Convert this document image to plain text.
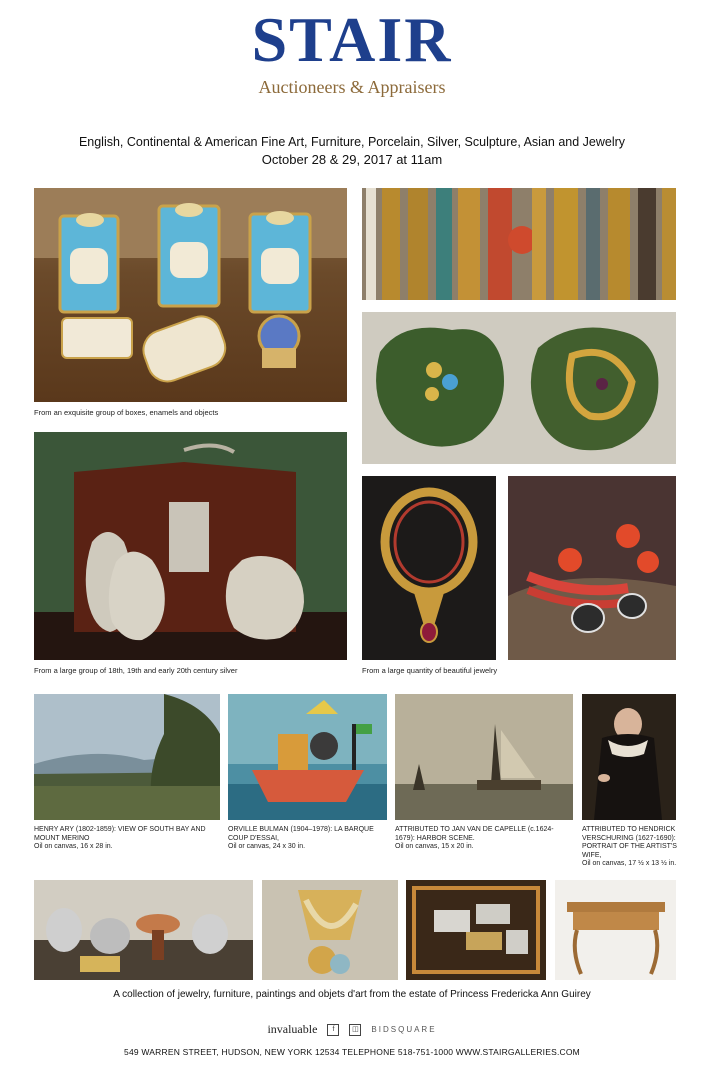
STAIR
Auctioneers & Appraisers
English, Continental & American Fine Art, Furniture, Porcelain, Silver, Sculpture, Asian and Jewelry
October 28 & 29, 2017 at 11am
From an exquisite group of boxes, enamels and objects
From a large group of 18th, 19th and early 20th century silver	From a large quantity of beautiful jewelry
HENRY ARY (1802-1859): VIEW OF SOUTH BAY AND MOUNT MERINO
Oil on canvas, 16 x 28 in.
ORVILLE BULMAN (1904–1978): LA BARQUE COUP D'ESSAI,
Oil or canvas, 24 x 30 in.
ATTRIBUTED TO JAN VAN DE CAPELLE (c.1624-1679): HARBOR SCENE.
Oil on canvas, 15 x 20 in.
ATTRIBUTED TO HENDRICK VERSCHURING (1627-1690): PORTRAIT OF THE ARTIST'S WIFE,
Oil on canvas, 17 ½ x 13 ½ in.
A collection of jewelry, furniture, paintings and objets d'art from the estate of Princess Fredericka Ann Guirey
invaluable	f	◫	BIDSQUARE
549 WARREN STREET, HUDSON, NEW YORK 12534 TELEPHONE 518-751-1000 WWW.STAIRGALLERIES.COM
